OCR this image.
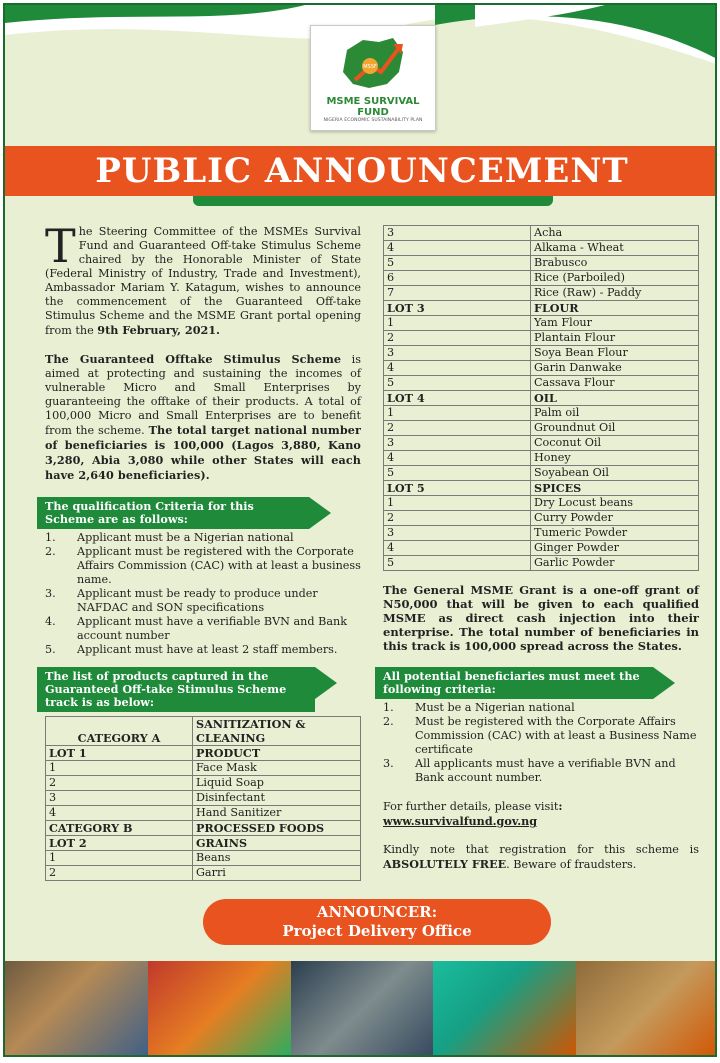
MSSF
MSME SURVIVAL FUND
NIGERIA ECONOMIC SUSTAINABILITY PLAN
PUBLIC ANNOUNCEMENT

The Steering Committee of the MSMEs Survival Fund and Guaranteed Off-take Stimulus Scheme chaired by the Honorable Minister of State (Federal Ministry of Industry, Trade and Investment), Ambassador Mariam Y. Katagum, wishes to announce the commencement of the Guaranteed Off-take Stimulus Scheme and the MSME Grant portal opening from the 9th February, 2021.

The Guaranteed Offtake Stimulus Scheme is aimed at protecting and sustaining the incomes of vulnerable Micro and Small Enterprises by guaranteeing the offtake of their products. A total of 100,000 Micro and Small Enterprises are to benefit from the scheme. The total target national number of beneficiaries is 100,000 (Lagos 3,880, Kano 3,280, Abia 3,080 while other States will each have 2,640 beneficiaries).

The qualification Criteria for this Scheme are as follows:
1.	Applicant must be a Nigerian national
2.	Applicant must be registered with the Corporate Affairs Commission (CAC) with at least a business name.
3.	Applicant must be ready to produce under NAFDAC and SON specifications
4.	Applicant must have a verifiable BVN and Bank account number
5.	Applicant must have at least 2 staff members.
The list of products captured in the Guaranteed Off-take Stimulus Scheme track is as below:
CATEGORY A	SANITIZATION & CLEANING
LOT 1	PRODUCT
1	Face Mask
2	Liquid Soap
3	Disinfectant
4	Hand Sanitizer
CATEGORY B	PROCESSED FOODS
LOT 2	GRAINS
1	Beans
2	Garri
3	Acha
4	Alkama - Wheat
5	Brabusco
6	Rice (Parboiled)
7	Rice (Raw) - Paddy
LOT 3	FLOUR
1	Yam Flour
2	Plantain Flour
3	Soya Bean Flour
4	Garin Danwake
5	Cassava Flour
LOT 4	OIL
1	Palm oil
2	Groundnut Oil
3	Coconut Oil
4	Honey
5	Soyabean Oil
LOT 5	SPICES
1	Dry Locust beans
2	Curry Powder
3	Tumeric Powder
4	Ginger Powder
5	Garlic Powder

The General MSME Grant is a one-off grant of N50,000 that will be given to each qualified MSME as direct cash injection into their enterprise. The total number of beneficiaries in this track is 100,000 spread across the States.

All potential beneficiaries must meet the following criteria:
1.	Must be a Nigerian national
2.	Must be registered with the Corporate Affairs Commission (CAC) with at least a Business Name certificate
3.	All applicants must have a verifiable BVN and Bank account number.

For further details, please visit:
www.survivalfund.gov.ng

Kindly note that registration for this scheme is ABSOLUTELY FREE. Beware of fraudsters.

ANNOUNCER:
Project Delivery Office
